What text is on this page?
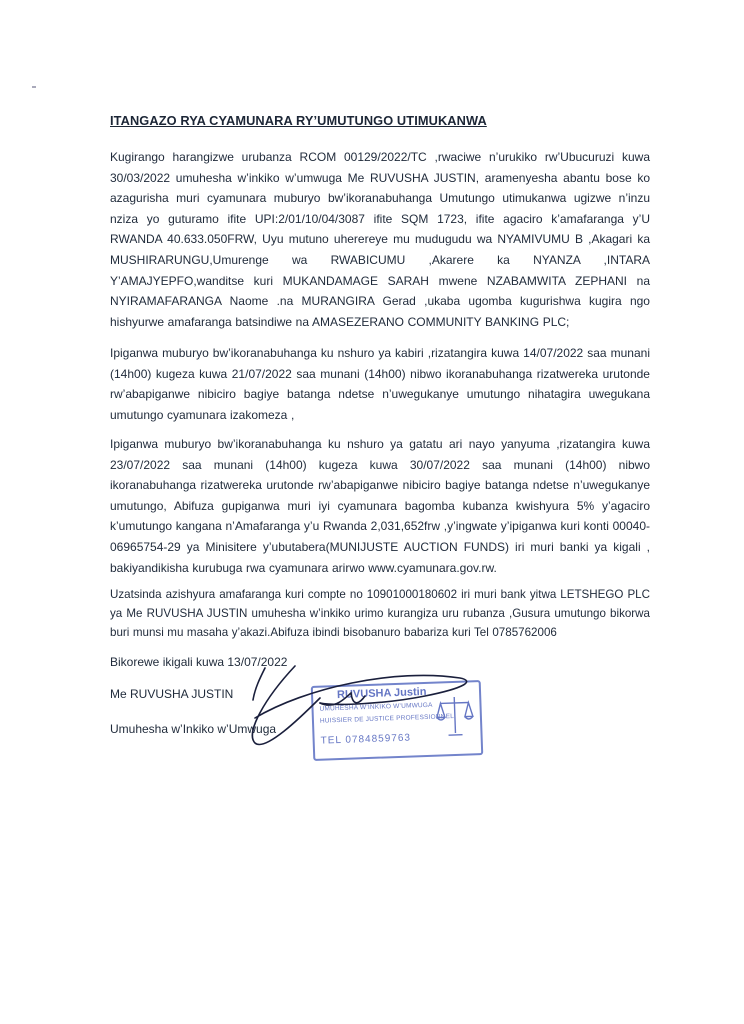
ITANGAZO RYA CYAMUNARA RY’UMUTUNGO UTIMUKANWA
Kugirango harangizwe urubanza RCOM 00129/2022/TC ,rwaciwe n’urukiko rw’Ubucuruzi kuwa 30/03/2022 umuhesha w’inkiko w’umwuga Me RUVUSHA JUSTIN, aramenyesha abantu bose ko azagurisha muri cyamunara muburyo bw’ikoranabuhanga Umutungo utimukanwa ugizwe n’inzu nziza yo guturamo ifite UPI:2/01/10/04/3087 ifite SQM 1723, ifite agaciro k’amafaranga y’U RWANDA 40.633.050FRW, Uyu mutuno uherereye mu mudugudu wa NYAMIVUMU B ,Akagari ka MUSHIRARUNGU,Umurenge wa RWABICUMU ,Akarere ka NYANZA ,INTARA Y’AMAJYEPFO,wanditse kuri MUKANDAMAGE SARAH mwene NZABAMWITA ZEPHANI na NYIRAMAFARANGA Naome .na MURANGIRA Gerad ,ukaba ugomba kugurishwa kugira ngo hishyurwe amafaranga batsindiwe na AMASEZERANO COMMUNITY BANKING PLC;
Ipiganwa muburyo bw’ikoranabuhanga ku nshuro ya kabiri ,rizatangira kuwa 14/07/2022 saa munani (14h00) kugeza kuwa 21/07/2022 saa munani (14h00) nibwo ikoranabuhanga rizatwereka urutonde rw’abapiganwe nibiciro bagiye batanga ndetse n’uwegukanye umutungo nihatagira uwegukana umutungo cyamunara izakomeza ,
Ipiganwa muburyo bw’ikoranabuhanga ku nshuro ya gatatu ari nayo yanyuma ,rizatangira kuwa 23/07/2022 saa munani (14h00) kugeza kuwa 30/07/2022 saa munani (14h00) nibwo ikoranabuhanga rizatwereka urutonde rw’abapiganwe nibiciro bagiye batanga ndetse n’uwegukanye umutungo, Abifuza gupiganwa muri iyi cyamunara bagomba kubanza kwishyura 5% y’agaciro k’umutungo kangana n’Amafaranga y’u Rwanda 2,031,652frw ,y’ingwate y’ipiganwa kuri konti 00040-06965754-29 ya Minisitere y’ubutabera(MUNIJUSTE AUCTION FUNDS) iri muri banki ya kigali , bakiyandikisha kurubuga rwa cyamunara arirwo www.cyamunara.gov.rw.
Uzatsinda azishyura amafaranga kuri compte no 10901000180602 iri muri bank yitwa LETSHEGO PLC ya Me RUVUSHA JUSTIN umuhesha w’inkiko urimo kurangiza uru rubanza ,Gusura umutungo bikorwa buri munsi mu masaha y’akazi.Abifuza ibindi bisobanuro babariza kuri Tel 0785762006
Bikorewe ikigali kuwa 13/07/2022
Me RUVUSHA JUSTIN
Umuhesha w’Inkiko w’Umwuga
RUVUSHA Justin
UMUHESHA W’INKIKO W’UMWUGA
HUISSIER DE JUSTICE PROFESSIONNEL
TEL 0784859763
